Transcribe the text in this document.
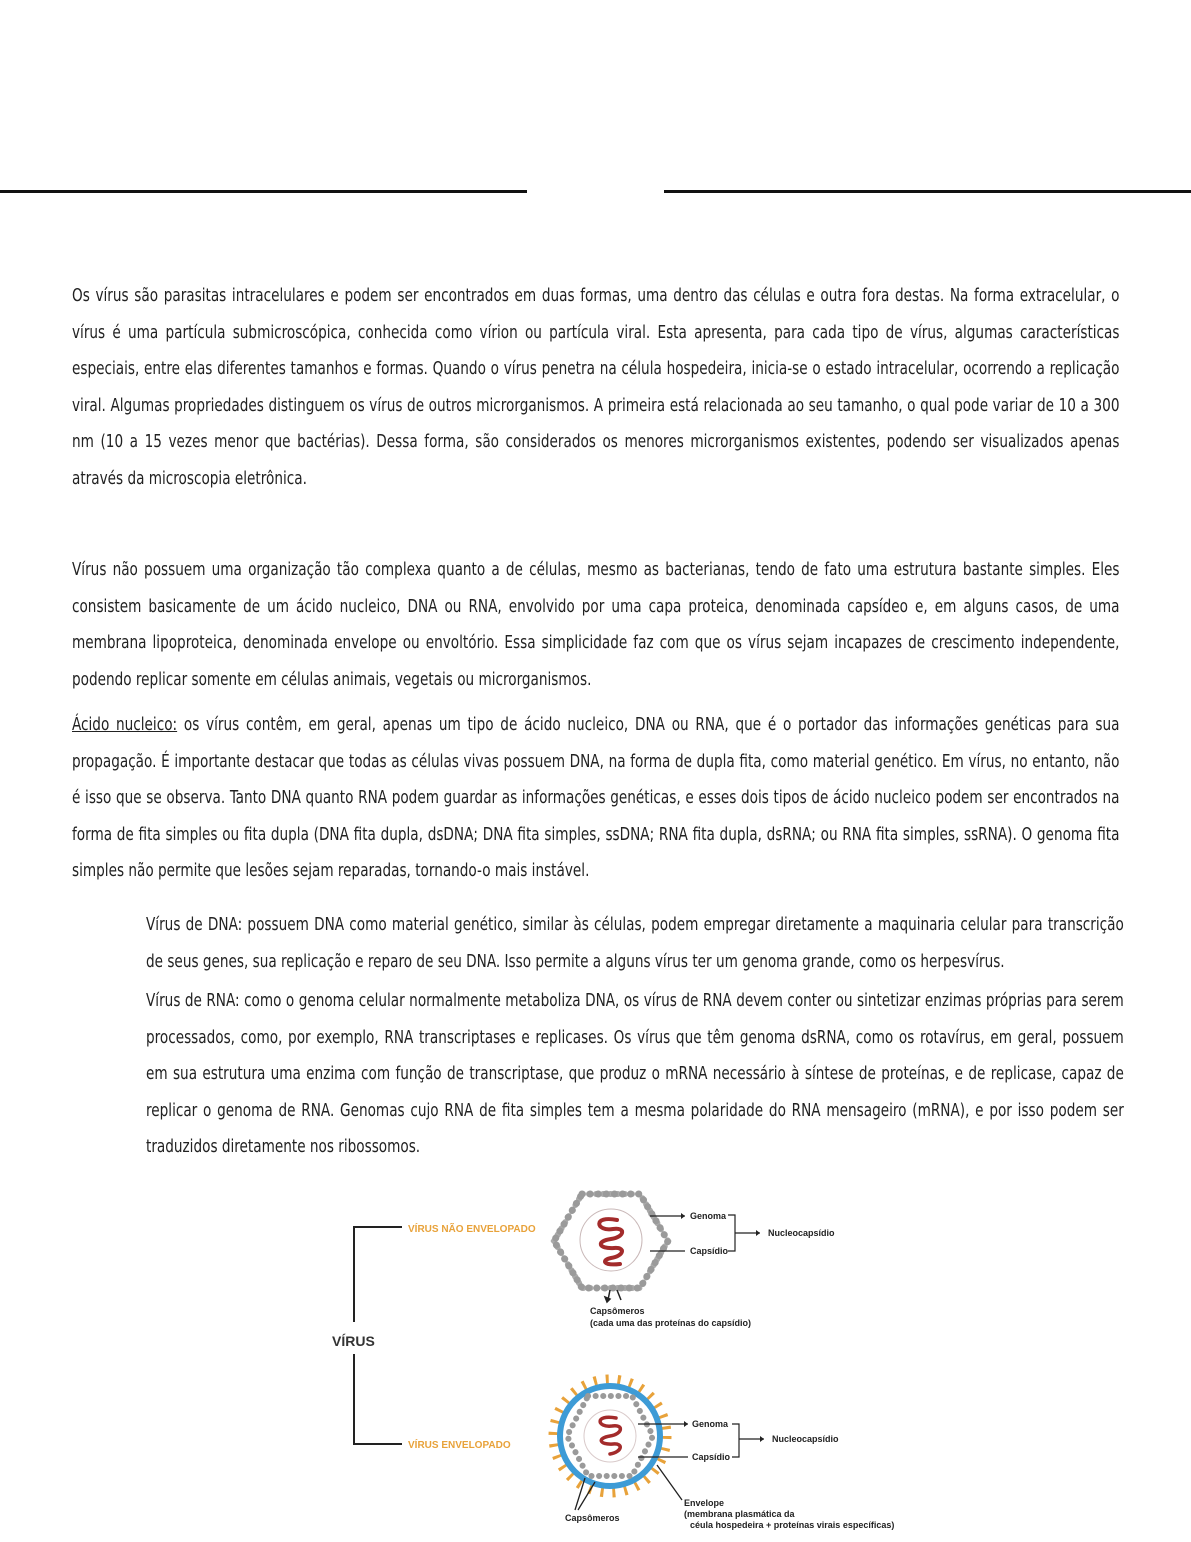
Os vírus são parasitas intracelulares e podem ser encontrados em duas formas, uma dentro das células e outra fora destas. Na forma extracelular, o vírus é uma partícula submicroscópica, conhecida como vírion ou partícula viral. Esta apresenta, para cada tipo de vírus, algumas características especiais, entre elas diferentes tamanhos e formas. Quando o vírus penetra na célula hospedeira, inicia-se o estado intracelular, ocorrendo a replicação viral. Algumas propriedades distinguem os vírus de outros microrganismos. A primeira está relacionada ao seu tamanho, o qual pode variar de 10 a 300 nm (10 a 15 vezes menor que bactérias). Dessa forma, são considerados os menores microrganismos existentes, podendo ser visualizados apenas através da microscopia eletrônica.

Vírus não possuem uma organização tão complexa quanto a de células, mesmo as bacterianas, tendo de fato uma estrutura bastante simples. Eles consistem basicamente de um ácido nucleico, DNA ou RNA, envolvido por uma capa proteica, denominada capsídeo e, em alguns casos, de uma membrana lipoproteica, denominada envelope ou envoltório. Essa simplicidade faz com que os vírus sejam incapazes de crescimento independente, podendo replicar somente em células animais, vegetais ou microrganismos.

Ácido nucleico: os vírus contêm, em geral, apenas um tipo de ácido nucleico, DNA ou RNA, que é o portador das informações genéticas para sua propagação. É importante destacar que todas as células vivas possuem DNA, na forma de dupla fita, como material genético. Em vírus, no entanto, não é isso que se observa. Tanto DNA quanto RNA podem guardar as informações genéticas, e esses dois tipos de ácido nucleico podem ser encontrados na forma de fita simples ou fita dupla (DNA fita dupla, dsDNA; DNA fita simples, ssDNA; RNA fita dupla, dsRNA; ou RNA fita simples, ssRNA). O genoma fita simples não permite que lesões sejam reparadas, tornando-o mais instável.

Vírus de DNA: possuem DNA como material genético, similar às células, podem empregar diretamente a maquinaria celular para transcrição de seus genes, sua replicação e reparo de seu DNA. Isso permite a alguns vírus ter um genoma grande, como os herpesvírus.

Vírus de RNA: como o genoma celular normalmente metaboliza DNA, os vírus de RNA devem conter ou sintetizar enzimas próprias para serem processados, como, por exemplo, RNA transcriptases e replicases. Os vírus que têm genoma dsRNA, como os rotavírus, em geral, possuem em sua estrutura uma enzima com função de transcriptase, que produz o mRNA necessário à síntese de proteínas, e de replicase, capaz de replicar o genoma de RNA. Genomas cujo RNA de fita simples tem a mesma polaridade do RNA mensageiro (mRNA), e por isso podem ser traduzidos diretamente nos ribossomos.

VÍRUS
VÍRUS NÃO ENVELOPADO
VÍRUS ENVELOPADO
Genoma
Capsídio
Nucleocapsídio
Capsômeros
(cada uma das proteínas do capsídio)
Genoma
Capsídio
Nucleocapsídio
Capsômeros
Envelope
(membrana plasmática da
céula hospedeira + proteínas virais específicas)
